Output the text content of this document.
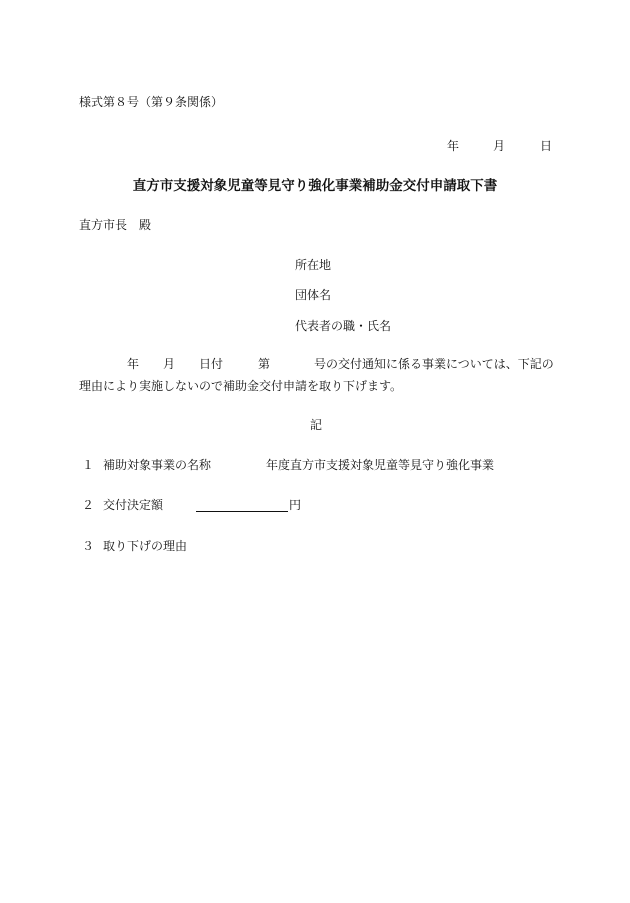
様式第８号（第９条関係）
年	月	日
直方市支援対象児童等見守り強化事業補助金交付申請取下書
直方市長　殿
所在地
団体名
代表者の職・氏名
年 月 日付	第	号の交付通知に係る事業については、下記の
理由により実施しないので補助金交付申請を取り下げます。
記
１ 補助対象事業の名称	年度直方市支援対象児童等見守り強化事業
２ 交付決定額	円
３ 取り下げの理由
